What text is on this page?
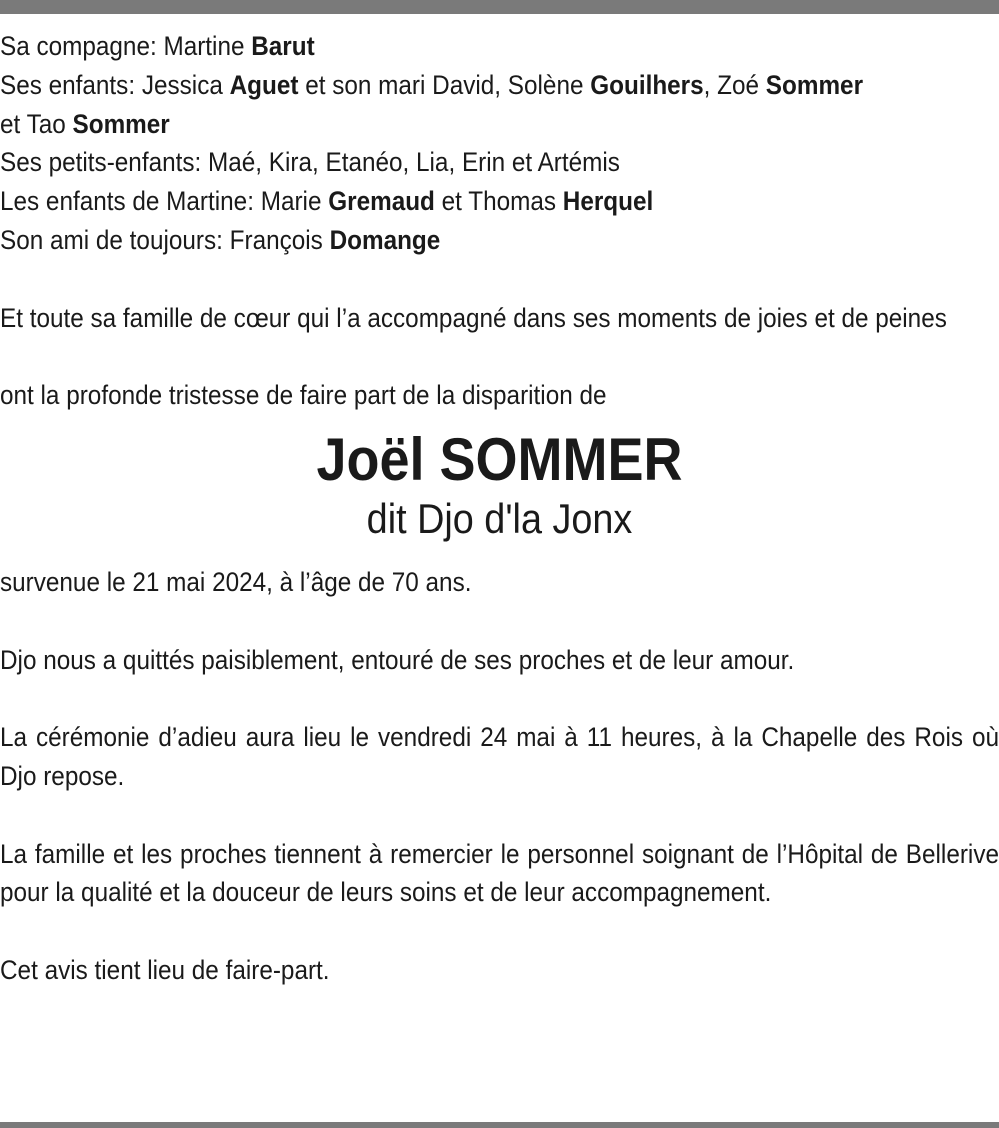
Sa compagne: Martine Barut
Ses enfants: Jessica Aguet et son mari David, Solène Gouilhers, Zoé Sommer
et Tao Sommer
Ses petits-enfants: Maé, Kira, Etanéo, Lia, Erin et Artémis
Les enfants de Martine: Marie Gremaud et Thomas Herquel
Son ami de toujours: François Domange

Et toute sa famille de cœur qui l’a accompagné dans ses moments de joies et de peines

ont la profonde tristesse de faire part de la disparition de
Joël SOMMER
dit Djo d'la Jonx
survenue le 21 mai 2024, à l’âge de 70 ans.
Djo nous a quittés paisiblement, entouré de ses proches et de leur amour.

La cérémonie d’adieu aura lieu le vendredi 24 mai à 11 heures, à la Chapelle des Rois où Djo repose.

La famille et les proches tiennent à remercier le personnel soignant de l’Hôpital de Bellerive pour la qualité et la douceur de leurs soins et de leur accompagnement.

Cet avis tient lieu de faire-part.
